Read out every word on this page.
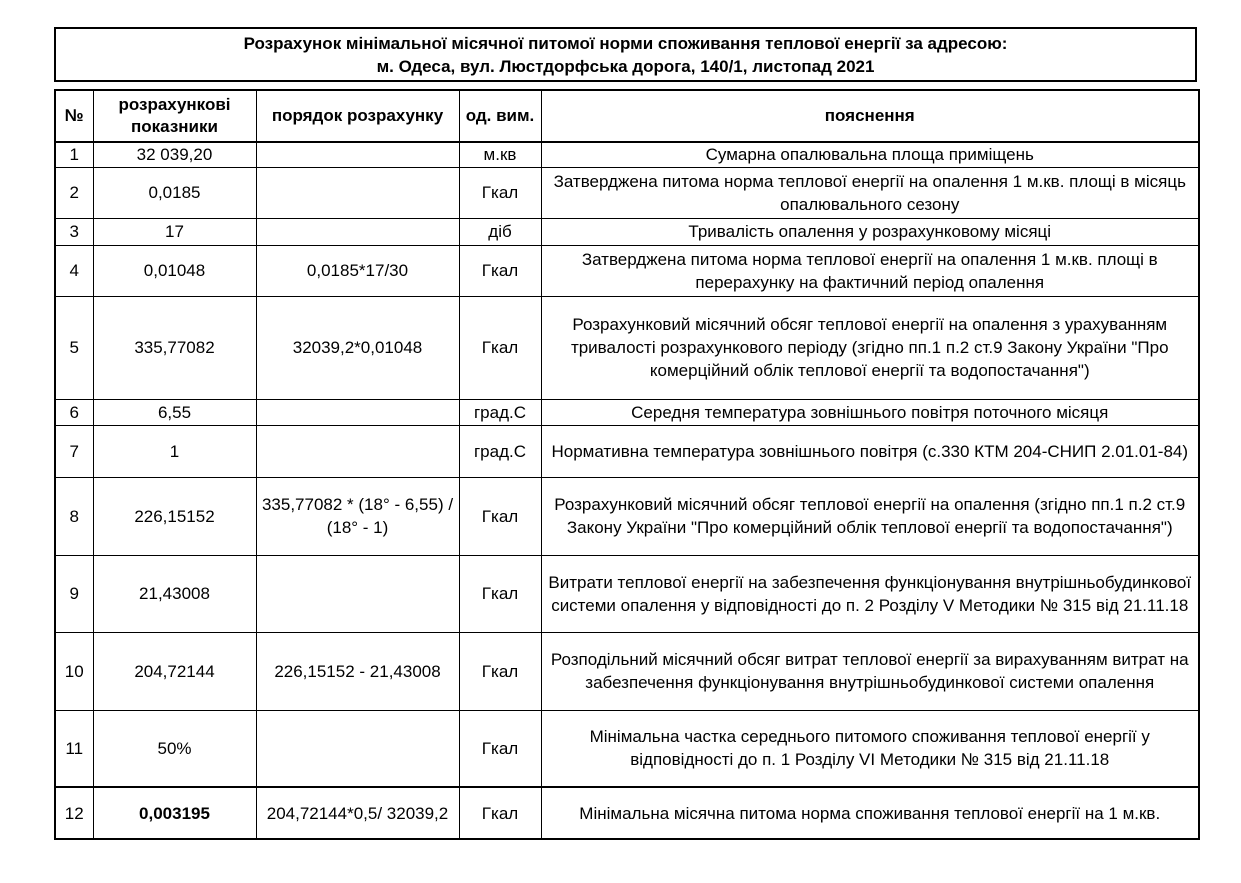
Розрахунок мінімальної місячної питомої норми споживання теплової енергії за адресою:
м. Одеса, вул. Люстдорфська дорога, 140/1, листопад 2021
№	розрахункові показники	порядок розрахунку	од. вим.	пояснення
1	32 039,20		м.кв	Сумарна опалювальна площа приміщень
2	0,0185		Гкал	Затверджена питома норма теплової енергії на опалення 1 м.кв. площі в місяць опалювального сезону
3	17		діб	Тривалість опалення у розрахунковому місяці
4	0,01048	0,0185*17/30	Гкал	Затверджена питома норма теплової енергії на опалення 1 м.кв. площі в перерахунку на фактичний період опалення
5	335,77082	32039,2*0,01048	Гкал	Розрахунковий місячний обсяг теплової енергії на опалення з урахуванням тривалості розрахункового періоду (згідно пп.1 п.2 ст.9 Закону України "Про комерційний облік теплової енергії та водопостачання")
6	6,55		град.С	Середня температура зовнішнього повітря поточного місяця
7	1		град.С	Нормативна температура зовнішнього повітря (с.330 КТМ 204-СНИП 2.01.01-84)
8	226,15152	335,77082 * (18° - 6,55) / (18° - 1)	Гкал	Розрахунковий місячний обсяг теплової енергії на опалення (згідно пп.1 п.2 ст.9 Закону України "Про комерційний облік теплової енергії та водопостачання")
9	21,43008		Гкал	Витрати теплової енергії на забезпечення функціонування внутрішньобудинкової системи опалення у відповідності до п. 2 Розділу V Методики № 315 від 21.11.18
10	204,72144	226,15152 - 21,43008	Гкал	Розподільний місячний обсяг витрат теплової енергії за вирахуванням витрат на забезпечення функціонування внутрішньобудинкової системи опалення
11	50%		Гкал	Мінімальна частка середнього питомого споживання теплової енергії у відповідності до п. 1 Розділу VI Методики № 315 від 21.11.18
12	0,003195	204,72144*0,5/ 32039,2	Гкал	Мінімальна місячна питома норма споживання теплової енергії на 1 м.кв.
